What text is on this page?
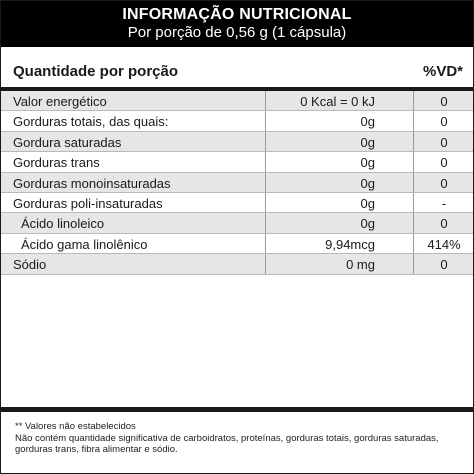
INFORMAÇÃO NUTRICIONAL
Por porção de 0,56 g (1 cápsula)
Quantidade por porção	%VD*
Valor energético	0 Kcal = 0 kJ	0
Gorduras totais, das quais:	0g	0
Gordura saturadas	0g	0
Gorduras trans	0g	0
Gorduras monoinsaturadas	0g	0
Gorduras poli-insaturadas	0g	-
Ácido linoleico	0g	0
Ácido gama linolênico	9,94mcg	414%
Sódio	0 mg	0
** Valores não estabelecidos
Não contém quantidade significativa de carboidratos, proteínas, gorduras totais, gorduras saturadas, gorduras trans, fibra alimentar e sódio.
